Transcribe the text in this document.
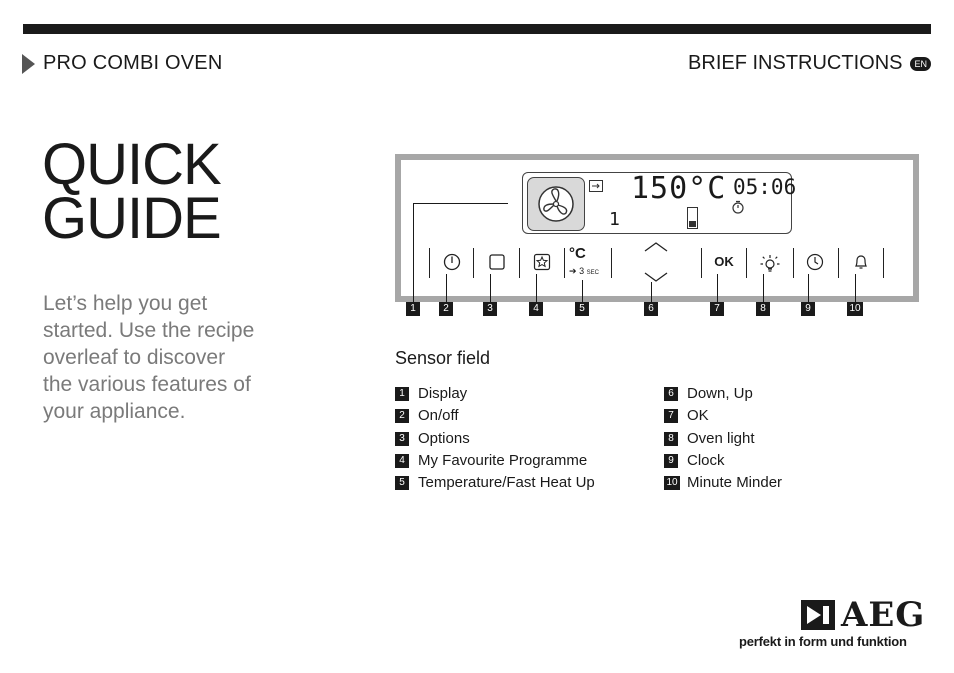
PRO COMBI OVEN	BRIEF INSTRUCTIONS	EN
QUICK
GUIDE
Let’s help you get started. Use the recipe overleaf to discover the various features of your appliance.
150°C 05:06
1
°C
➔ 3 SEC
OK
1	2	3	4	5	6	7	8	9	10
Sensor field
1 Display
2 On/off
3 Options
4 My Favourite Programme
5 Temperature/Fast Heat Up
6 Down, Up
7 OK
8 Oven light
9 Clock
10 Minute Minder
AEG
perfekt in form und funktion
